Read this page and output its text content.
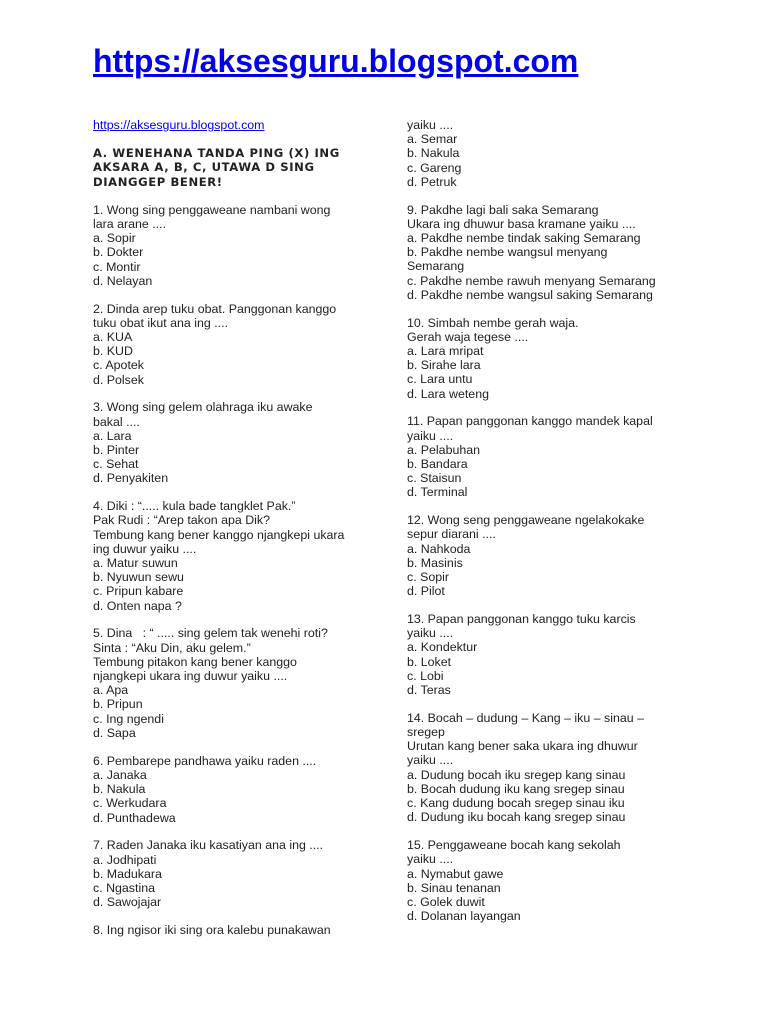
https://aksesguru.blogspot.com
https://aksesguru.blogspot.com
A. WENEHANA TANDA PING (X) ING
AKSARA A, B, C, UTAWA D SING
DIANGGEP BENER!
1. Wong sing penggaweane nambani wong
lara arane ....
a. Sopir
b. Dokter
c. Montir
d. Nelayan
2. Dinda arep tuku obat. Panggonan kanggo
tuku obat ikut ana ing ....
a. KUA
b. KUD
c. Apotek
d. Polsek
3. Wong sing gelem olahraga iku awake
bakal ....
a. Lara
b. Pinter
c. Sehat
d. Penyakiten
4. Diki : “..... kula bade tangklet Pak.”
Pak Rudi : “Arep takon apa Dik?
Tembung kang bener kanggo njangkepi ukara
ing duwur yaiku ....
a. Matur suwun
b. Nyuwun sewu
c. Pripun kabare
d. Onten napa ?
5. Dina   : “ ..... sing gelem tak wenehi roti?
Sinta : “Aku Din, aku gelem.”
Tembung pitakon kang bener kanggo
njangkepi ukara ing duwur yaiku ....
a. Apa
b. Pripun
c. Ing ngendi
d. Sapa
6. Pembarepe pandhawa yaiku raden ....
a. Janaka
b. Nakula
c. Werkudara
d. Punthadewa
7. Raden Janaka iku kasatiyan ana ing ....
a. Jodhipati
b. Madukara
c. Ngastina
d. Sawojajar
8. Ing ngisor iki sing ora kalebu punakawan
yaiku ....
a. Semar
b. Nakula
c. Gareng
d. Petruk
9. Pakdhe lagi bali saka Semarang
Ukara ing dhuwur basa kramane yaiku ....
a. Pakdhe nembe tindak saking Semarang
b. Pakdhe nembe wangsul menyang
Semarang
c. Pakdhe nembe rawuh menyang Semarang
d. Pakdhe nembe wangsul saking Semarang
10. Simbah nembe gerah waja.
Gerah waja tegese ....
a. Lara mripat
b. Sirahe lara
c. Lara untu
d. Lara weteng
11. Papan panggonan kanggo mandek kapal
yaiku ....
a. Pelabuhan
b. Bandara
c. Staisun
d. Terminal
12. Wong seng penggaweane ngelakokake
sepur diarani ....
a. Nahkoda
b. Masinis
c. Sopir
d. Pilot
13. Papan panggonan kanggo tuku karcis
yaiku ....
a. Kondektur
b. Loket
c. Lobi
d. Teras
14. Bocah – dudung – Kang – iku – sinau –
sregep
Urutan kang bener saka ukara ing dhuwur
yaiku ....
a. Dudung bocah iku sregep kang sinau
b. Bocah dudung iku kang sregep sinau
c. Kang dudung bocah sregep sinau iku
d. Dudung iku bocah kang sregep sinau
15. Penggaweane bocah kang sekolah
yaiku ....
a. Nymabut gawe
b. Sinau tenanan
c. Golek duwit
d. Dolanan layangan
